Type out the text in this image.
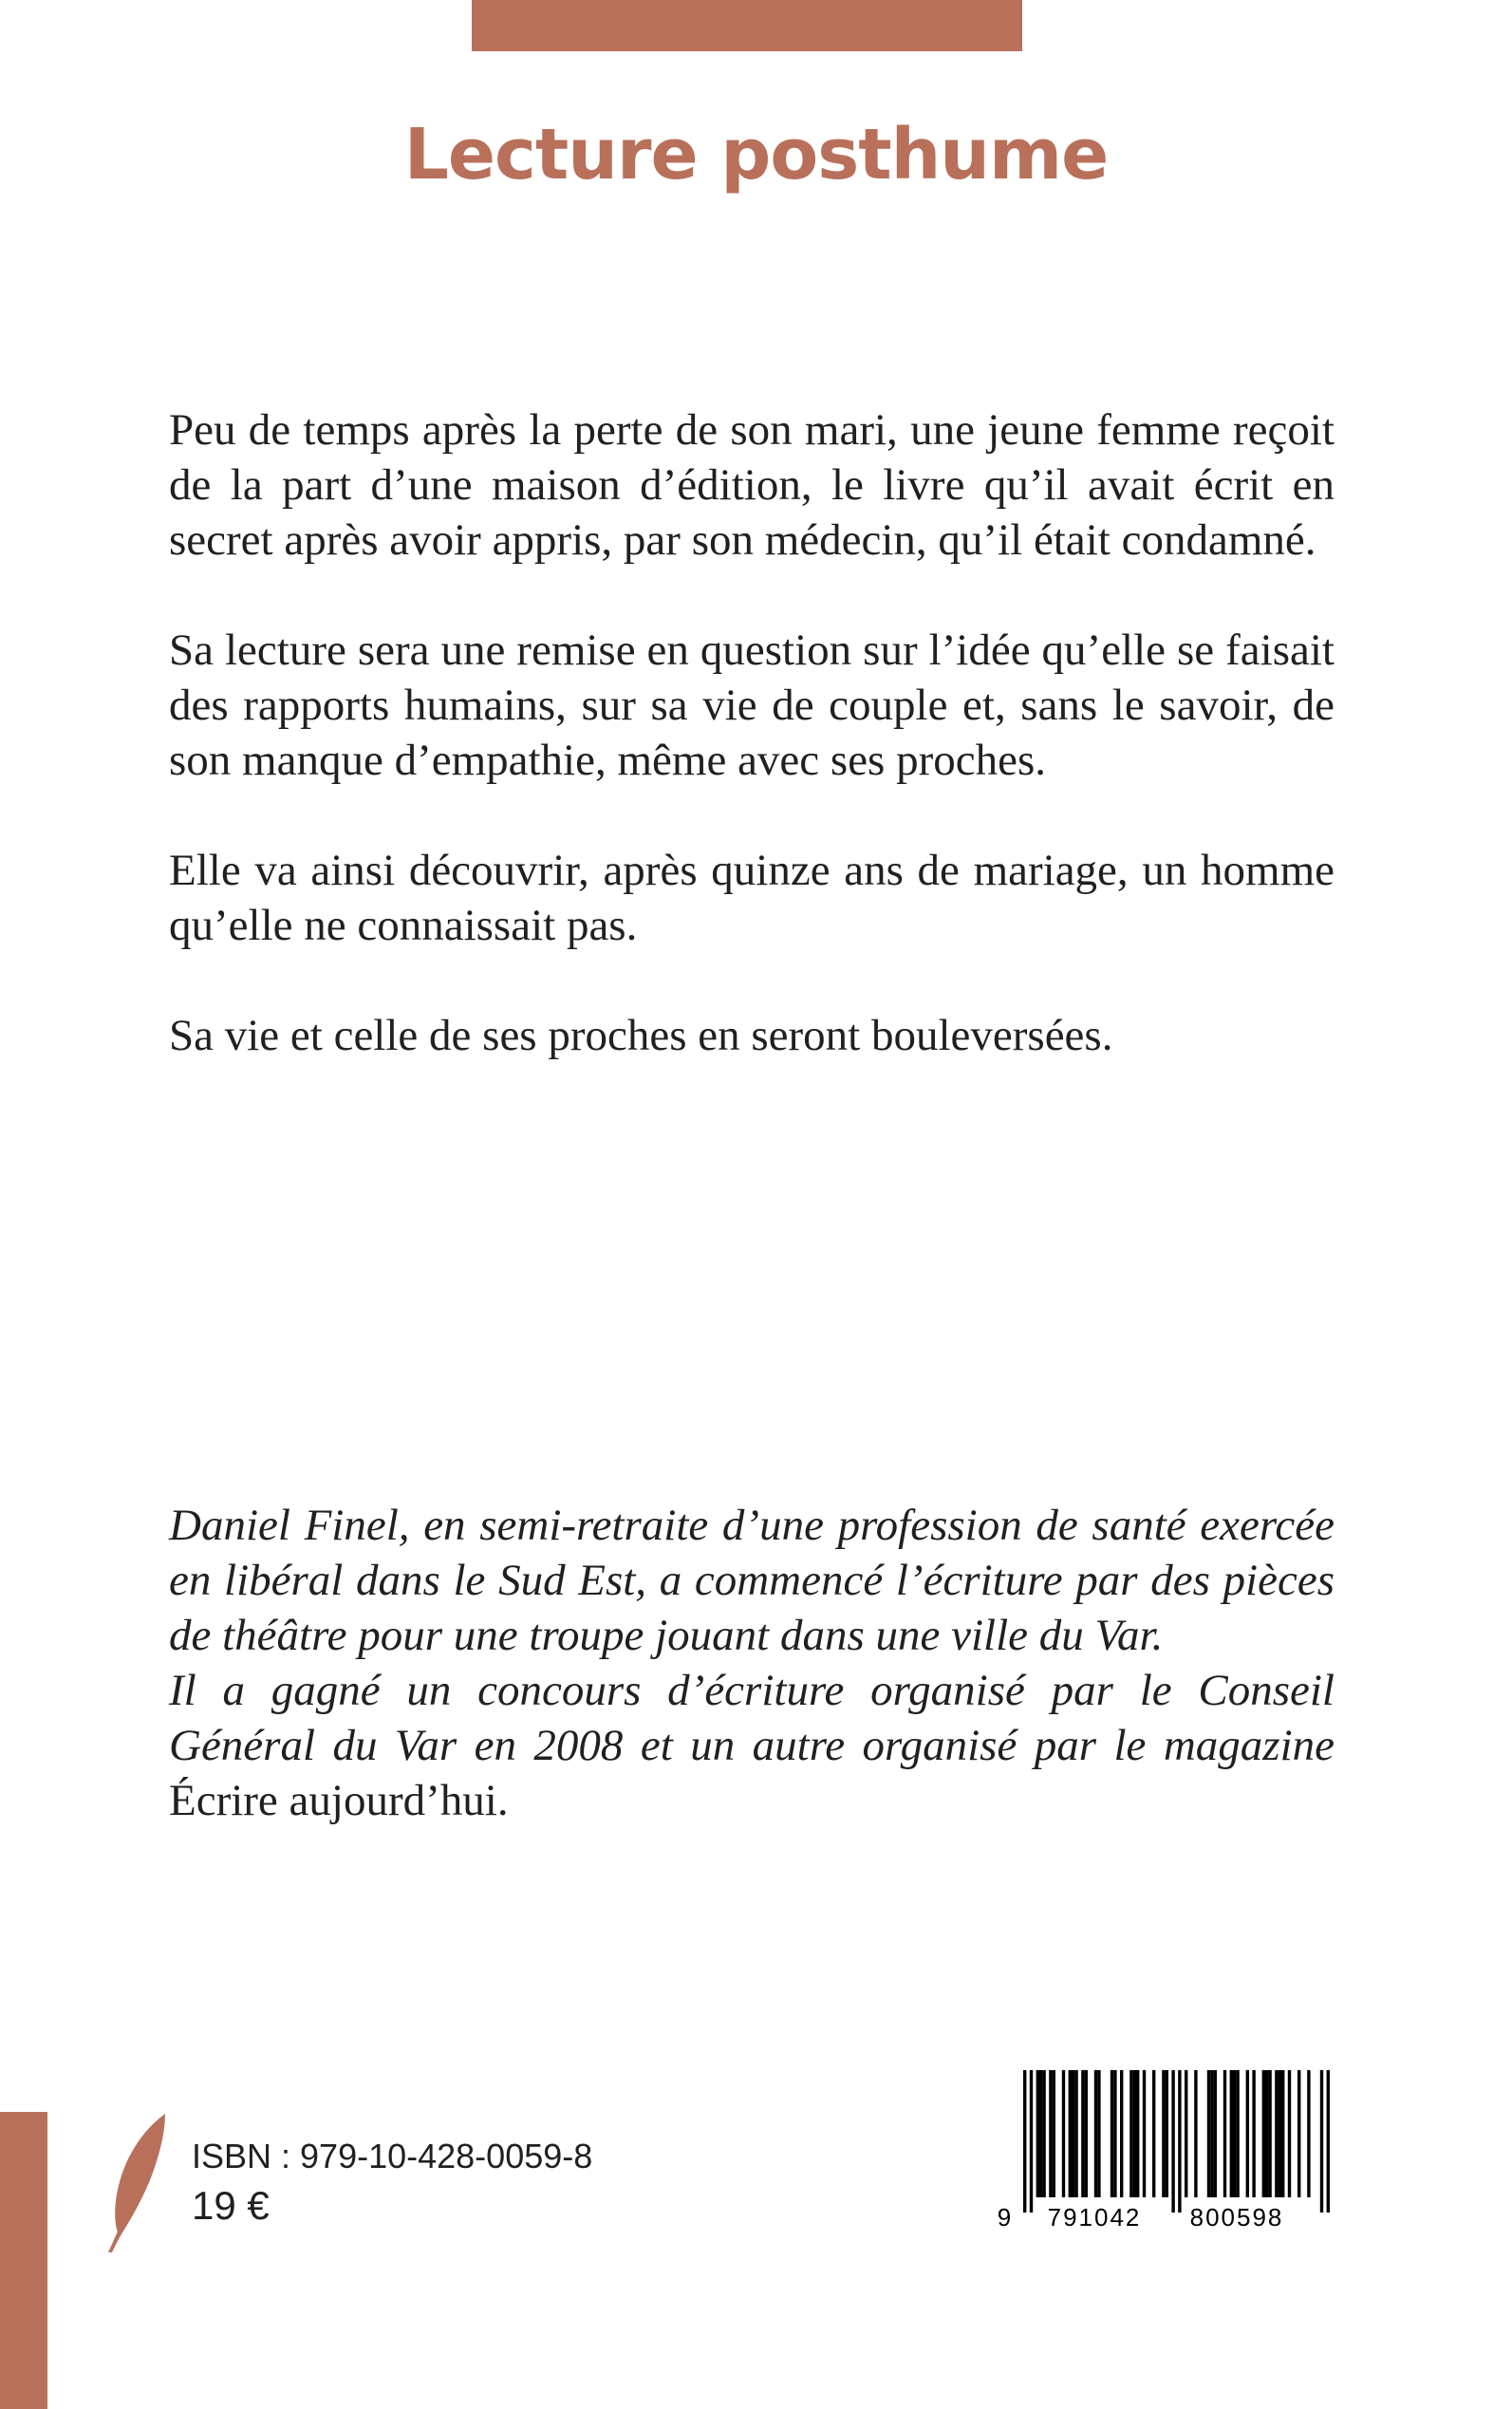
Lecture posthume

Peu de temps après la perte de son mari, une jeune femme reçoit de la part d’une maison d’édition, le livre qu’il avait écrit en secret après avoir appris, par son médecin, qu’il était condamné.

Sa lecture sera une remise en question sur l’idée qu’elle se faisait des rapports humains, sur sa vie de couple et, sans le savoir, de son manque d’empathie, même avec ses proches.

Elle va ainsi découvrir, après quinze ans de mariage, un homme qu’elle ne connaissait pas.

Sa vie et celle de ses proches en seront bouleversées.

Daniel Finel, en semi-retraite d’une profession de santé exercée en libéral dans le Sud Est, a commencé l’écriture par des pièces de théâtre pour une troupe jouant dans une ville du Var.

Il a gagné un concours d’écriture organisé par le Conseil Général du Var en 2008 et un autre organisé par le magazine Écrire aujourd’hui.

ISBN : 979-10-428-0059-8
19 €	9 791042 800598
